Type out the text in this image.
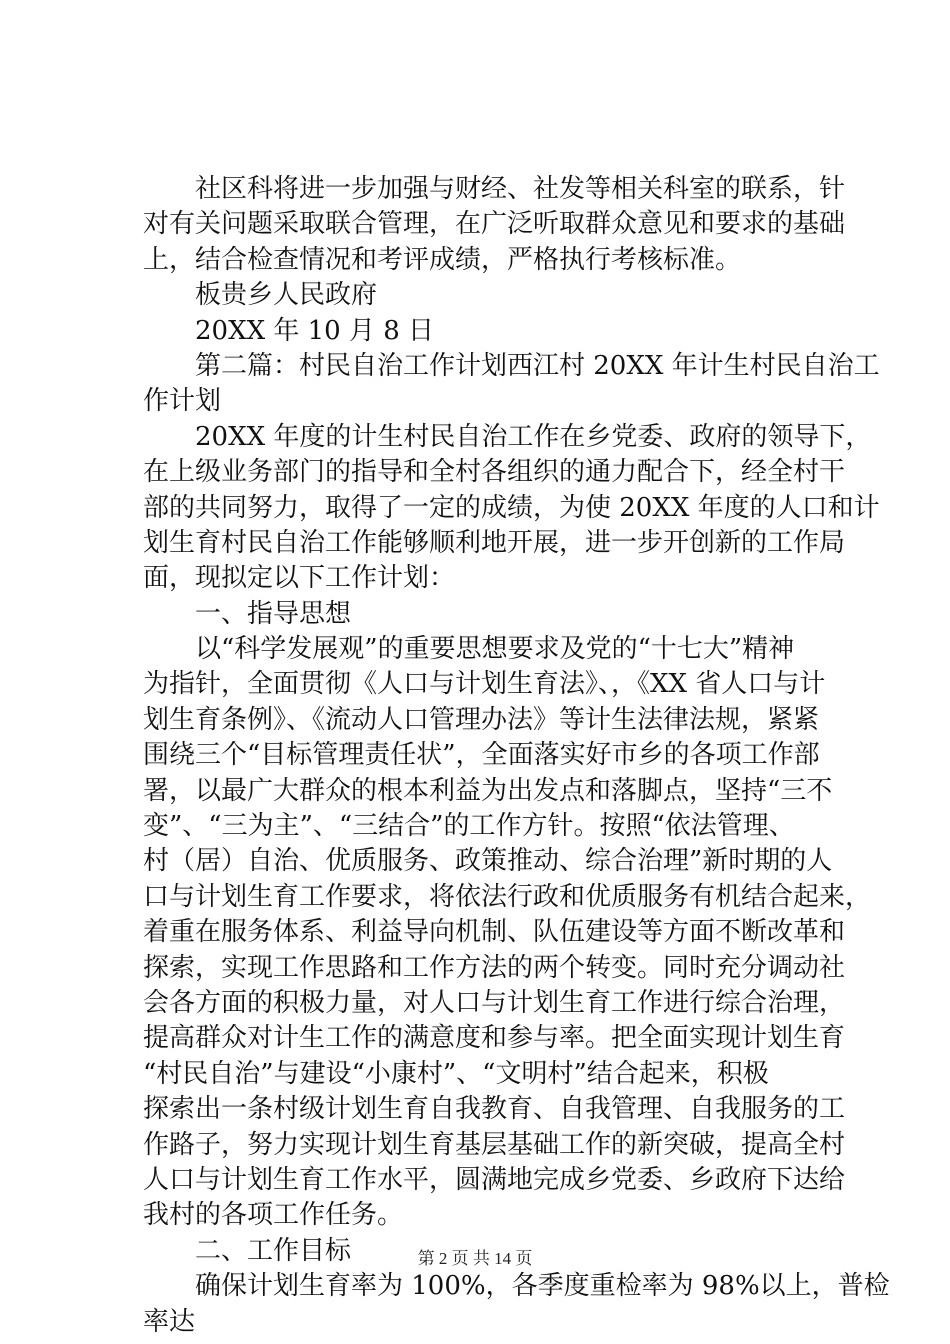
　　社区科将进一步加强与财经、社发等相关科室的联系，针
对有关问题采取联合管理，在广泛听取群众意见和要求的基础
上，结合检查情况和考评成绩，严格执行考核标准。
　　板贵乡人民政府
　　20XX 年 10 月 8 日
　　第二篇：村民自治工作计划西江村 20XX 年计生村民自治工
作计划
　　20XX 年度的计生村民自治工作在乡党委、政府的领导下，
在上级业务部门的指导和全村各组织的通力配合下，经全村干
部的共同努力，取得了一定的成绩，为使 20XX 年度的人口和计
划生育村民自治工作能够顺利地开展，进一步开创新的工作局
面，现拟定以下工作计划：
　　一、指导思想
　　以“科学发展观”的重要思想要求及党的“十七大”精神
为指针，全面贯彻《人口与计划生育法》、，《XX 省人口与计
划生育条例》、《流动人口管理办法》等计生法律法规，紧紧
围绕三个“目标管理责任状”，全面落实好市乡的各项工作部
署，以最广大群众的根本利益为出发点和落脚点，坚持“三不
变”、“三为主”、“三结合”的工作方针。按照“依法管理、
村（居）自治、优质服务、政策推动、综合治理”新时期的人
口与计划生育工作要求，将依法行政和优质服务有机结合起来，
着重在服务体系、利益导向机制、队伍建设等方面不断改革和
探索，实现工作思路和工作方法的两个转变。同时充分调动社
会各方面的积极力量，对人口与计划生育工作进行综合治理，
提高群众对计生工作的满意度和参与率。把全面实现计划生育
“村民自治”与建设“小康村”、“文明村”结合起来，积极
探索出一条村级计划生育自我教育、自我管理、自我服务的工
作路子，努力实现计划生育基层基础工作的新突破，提高全村
人口与计划生育工作水平，圆满地完成乡党委、乡政府下达给
我村的各项工作任务。
　　二、工作目标
　　确保计划生育率为 100%，各季度重检率为 98%以上，普检
率达
第 2 页 共 14 页
